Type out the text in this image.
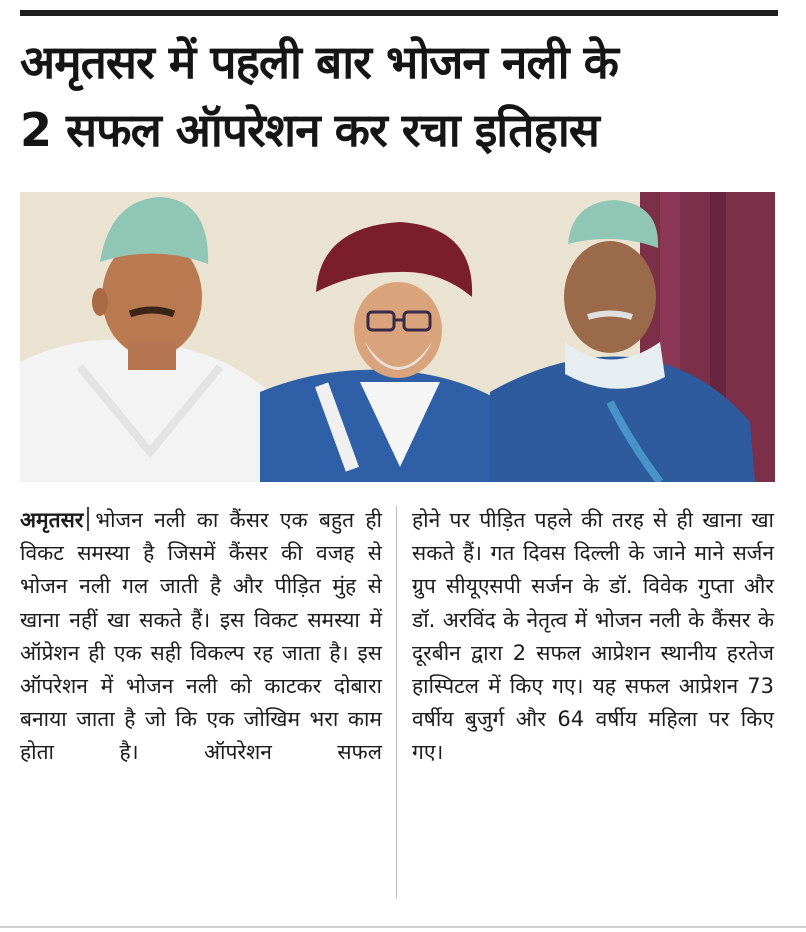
अमृतसर में पहली बार भोजन नली के
2 सफल ऑपरेशन कर रचा इतिहास
अमृतसर भोजन नली का कैंसर एक बहुत ही विकट समस्या है जिसमें कैंसर की वजह से भोजन नली गल जाती है और पीड़ित मुंह से खाना नहीं खा सकते हैं। इस विकट समस्या में ऑप्रेशन ही एक सही विकल्प रह जाता है। इस ऑपरेशन में भोजन नली को काटकर दोबारा बनाया जाता है जो कि एक जोखिम भरा काम होता है। ऑपरेशन सफल
होने पर पीड़ित पहले की तरह से ही खाना खा सकते हैं। गत दिवस दिल्ली के जाने माने सर्जन ग्रुप सीयूएसपी सर्जन के डॉ. विवेक गुप्ता और डॉ. अरविंद के नेतृत्व में भोजन नली के कैंसर के दूरबीन द्वारा 2 सफल आप्रेशन स्थानीय हरतेज हास्पिटल में किए गए। यह सफल आप्रेशन 73 वर्षीय बुजुर्ग और 64 वर्षीय महिला पर किए गए।
